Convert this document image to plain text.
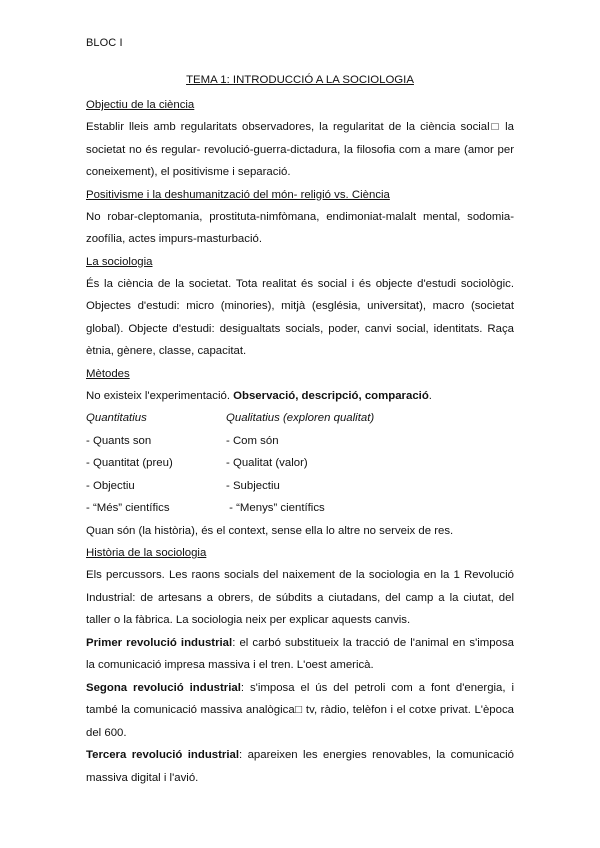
BLOC I
TEMA 1: INTRODUCCIÓ A LA SOCIOLOGIA
Objectiu de la ciència

Establir lleis amb regularitats observadores, la regularitat de la ciència social□ la societat no és regular- revolució-guerra-dictadura, la filosofia com a mare (amor per coneixement), el positivisme i separació.

Positivisme i la deshumanització del món- religió vs. Ciència

No robar-cleptomania, prostituta-nimfòmana, endimoniat-malalt mental, sodomia-zoofília, actes impurs-masturbació.

La sociologia

És la ciència de la societat. Tota realitat és social i és objecte d'estudi sociològic. Objectes d'estudi: micro (minories), mitjà (església, universitat), macro (societat global). Objecte d'estudi: desigualtats socials, poder, canvi social, identitats. Raça ètnia, gènere, classe, capacitat.

Mètodes

No existeix l'experimentació. Observació, descripció, comparació.

Quantitatius	Qualitatius (exploren qualitat)
- Quants son	- Com són
- Quantitat (preu)	- Qualitat (valor)
- Objectiu	- Subjectiu
- “Més” científics	- “Menys” científics

Quan són (la història), és el context, sense ella lo altre no serveix de res.

Història de la sociologia

Els percussors. Les raons socials del naixement de la sociologia en la 1 Revolució Industrial: de artesans a obrers, de súbdits a ciutadans, del camp a la ciutat, del taller o la fàbrica. La sociologia neix per explicar aquests canvis.

Primer revolució industrial: el carbó substitueix la tracció de l'animal en s'imposa la comunicació impresa massiva i el tren. L'oest americà.

Segona revolució industrial: s'imposa el ús del petroli com a font d'energia, i també la comunicació massiva analògica□ tv, ràdio, telèfon i el cotxe privat. L'època del 600.

Tercera revolució industrial: apareixen les energies renovables, la comunicació massiva digital i l'avió.
